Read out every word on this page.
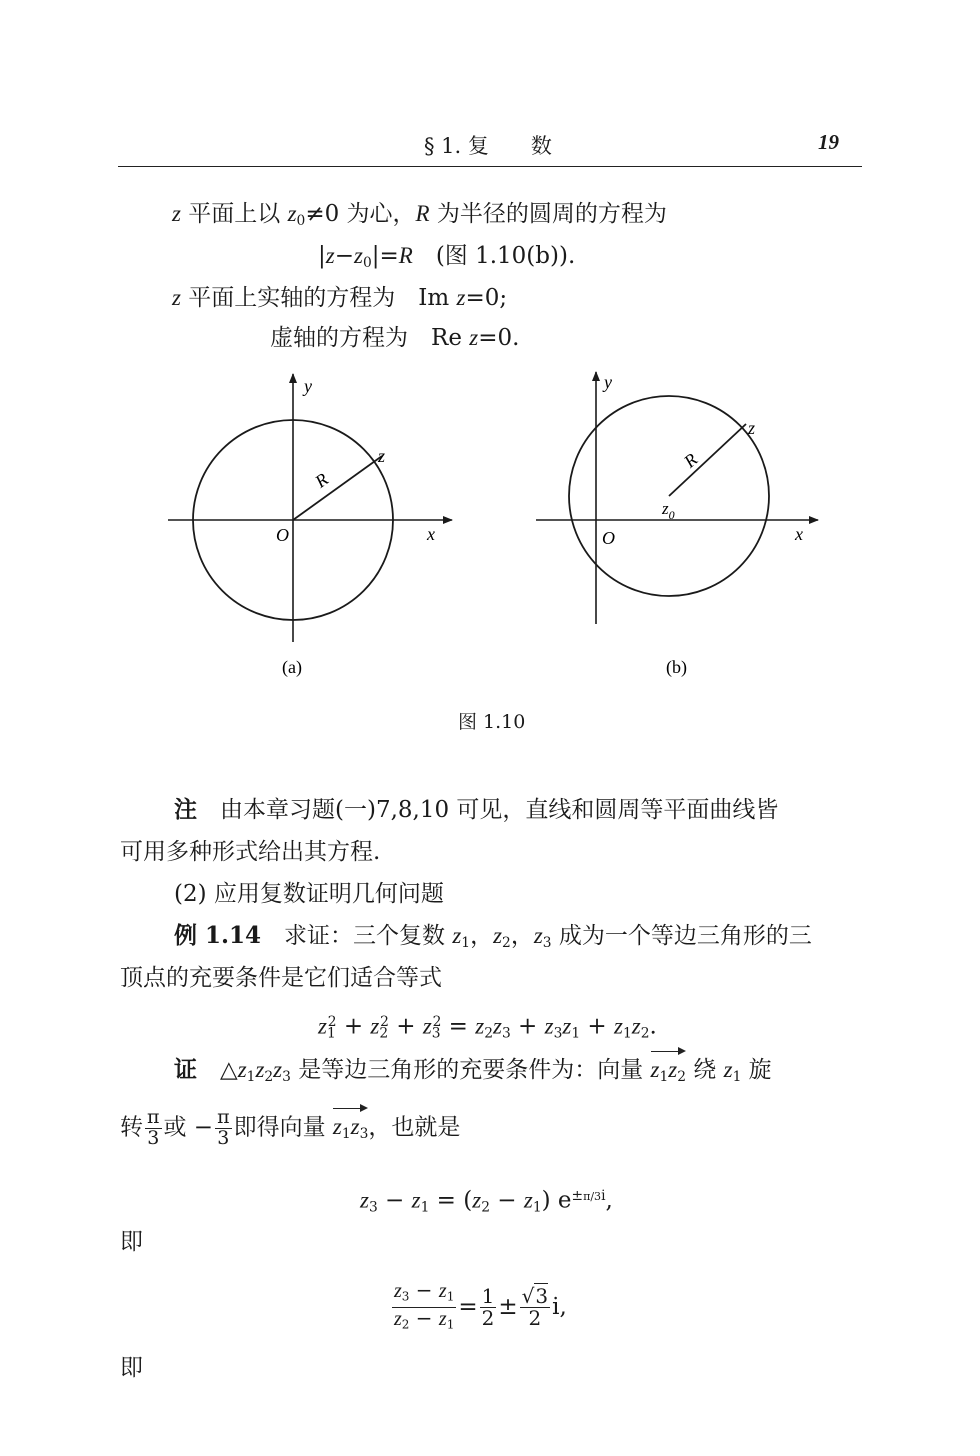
§ 1. 复　　数	19
z 平面上以 $z_0\ne 0$ 为心，R 为半径的圆周的方程为
$|z-z_0|=R$　(图 1.10(b)).
z 平面上实轴的方程为　Im z=0;
虚轴的方程为　Re z=0.
y
x
O
z
R
(a)
y
x
O
z
R
$z_0$
(b)
图 1.10
注　 由本章习题(一)7,8,10 可见，直线和圆周等平面曲线皆
可用多种形式给出其方程.
(2) 应用复数证明几何问题
例 1.14　求证：三个复数 $z_1$，$z_2$，$z_3$ 成为一个等边三角形的三
顶点的充要条件是它们适合等式
$z_1^2 + z_2^2 + z_3^2 = z_2z_3 + z_3z_1 + z_1z_2$.
证　$\triangle z_1z_2z_3$ 是等边三角形的充要条件为：向量 $z_1z_2$ 绕 $z_1$ 旋
转 $\frac{\pi}{3}$ 或 − $\frac{\pi}{3}$ 即得向量 $z_1z_3$，也就是
$z_3 - z_1 = (z_2 - z_1)$ $e^{\pm\pi/3i}$,
即
$\frac{z_3 - z_1}{z_2 - z_1} = \frac{1}{2} \pm \frac{√3}{2} i$,
即
